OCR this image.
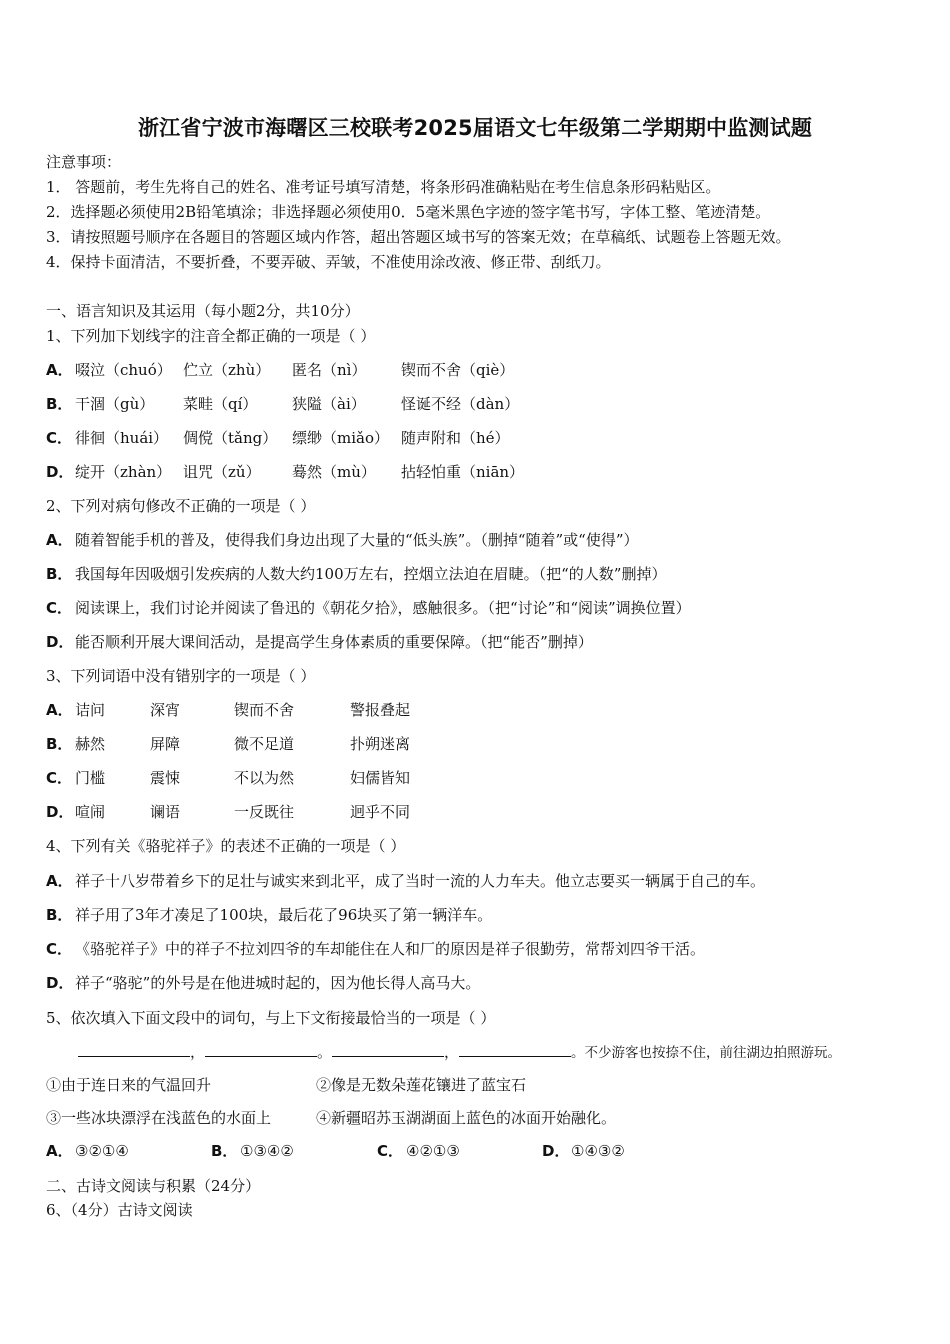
浙江省宁波市海曙区三校联考2025届语文七年级第二学期期中监测试题
注意事项：
1． 答题前，考生先将自己的姓名、准考证号填写清楚，将条形码准确粘贴在考生信息条形码粘贴区。
2．选择题必须使用2B铅笔填涂；非选择题必须使用0．5毫米黑色字迹的签字笔书写，字体工整、笔迹清楚。
3．请按照题号顺序在各题目的答题区域内作答，超出答题区域书写的答案无效；在草稿纸、试题卷上答题无效。
4．保持卡面清洁，不要折叠，不要弄破、弄皱，不准使用涂改液、修正带、刮纸刀。
一、语言知识及其运用（每小题2分，共10分）
1、下列加下划线字的注音全都正确的一项是（ ）
A． 啜泣（chuó） 伫立（zhù） 匿名（nì） 锲而不舍（qiè）
B． 干涸（gù） 菜畦（qí） 狭隘（ài） 怪诞不经（dàn）
C． 徘徊（huái） 倜傥（tǎng） 缥缈（miǎo） 随声附和（hé）
D． 绽开（zhàn） 诅咒（zǔ） 蓦然（mù） 拈轻怕重（niān）
2、下列对病句修改不正确的一项是（ ）
A． 随着智能手机的普及，使得我们身边出现了大量的“低头族”。（删掉“随着”或“使得”）
B． 我国每年因吸烟引发疾病的人数大约100万左右，控烟立法迫在眉睫。（把“的人数”删掉）
C． 阅读课上，我们讨论并阅读了鲁迅的《朝花夕拾》，感触很多。（把“讨论”和“阅读”调换位置）
D． 能否顺利开展大课间活动，是提高学生身体素质的重要保障。（把“能否”删掉）
3、下列词语中没有错别字的一项是（ ）
A． 诘问	深宵	锲而不舍	警报叠起
B． 赫然	屏障	微不足道	扑朔迷离
C． 门槛	震悚	不以为然	妇儒皆知
D． 喧闹	谰语	一反既往	迥乎不同
4、下列有关《骆驼祥子》的表述不正确的一项是（ ）
A． 祥子十八岁带着乡下的足壮与诚实来到北平，成了当时一流的人力车夫。他立志要买一辆属于自己的车。
B． 祥子用了3年才凑足了100块，最后花了96块买了第一辆洋车。
C． 《骆驼祥子》中的祥子不拉刘四爷的车却能住在人和厂的原因是祥子很勤劳，常帮刘四爷干活。
D． 祥子“骆驼”的外号是在他进城时起的，因为他长得人高马大。
5、依次填入下面文段中的词句，与上下文衔接最恰当的一项是（ ）
，	。	，	。不少游客也按捺不住，前往湖边拍照游玩。
①由于连日来的气温回升	②像是无数朵莲花镶进了蓝宝石
③一些冰块漂浮在浅蓝色的水面上	④新疆昭苏玉湖湖面上蓝色的冰面开始融化。
A． ③②①④	B． ①③④②	C． ④②①③	D． ①④③②
二、古诗文阅读与积累（24分）
6、（4分）古诗文阅读
